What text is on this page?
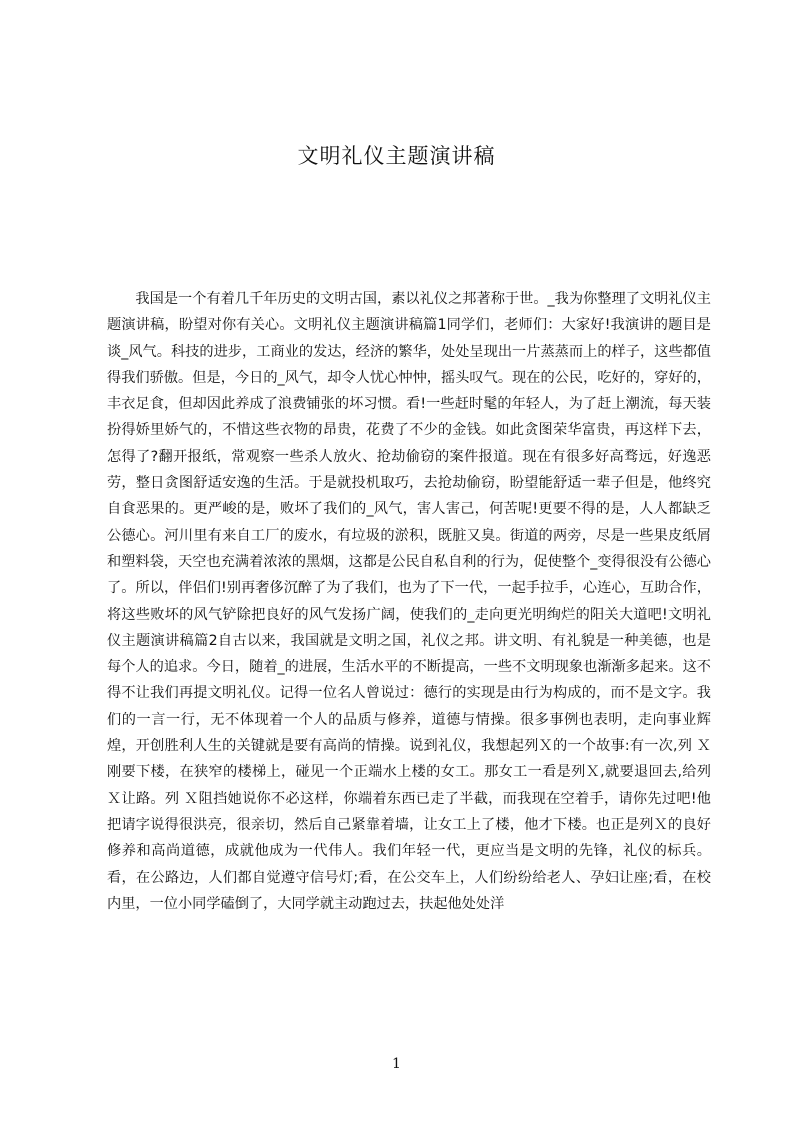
文明礼仪主题演讲稿

我国是一个有着几千年历史的文明古国，素以礼仪之邦著称于世。_我为你整理了文明礼仪主题演讲稿，盼望对你有关心。文明礼仪主题演讲稿篇1同学们，老师们：大家好!我演讲的题目是谈_风气。科技的进步，工商业的发达，经济的繁华，处处呈现出一片蒸蒸而上的样子，这些都值得我们骄傲。但是，今日的_风气，却令人忧心忡忡，摇头叹气。现在的公民，吃好的，穿好的，丰衣足食，但却因此养成了浪费铺张的坏习惯。看!一些赶时髦的年轻人，为了赶上潮流，每天装扮得娇里娇气的，不惜这些衣物的昂贵，花费了不少的金钱。如此贪图荣华富贵，再这样下去，怎得了?翻开报纸，常观察一些杀人放火、抢劫偷窃的案件报道。现在有很多好高骛远，好逸恶劳，整日贪图舒适安逸的生活。于是就投机取巧，去抢劫偷窃，盼望能舒适一辈子但是，他终究自食恶果的。更严峻的是，败坏了我们的_风气，害人害己，何苦呢!更要不得的是，人人都缺乏公德心。河川里有来自工厂的废水，有垃圾的淤积，既脏又臭。街道的两旁，尽是一些果皮纸屑和塑料袋，天空也充满着浓浓的黑烟，这都是公民自私自利的行为，促使整个_变得很没有公德心了。所以，伴侣们!别再奢侈沉醉了为了我们，也为了下一代，一起手拉手，心连心，互助合作，将这些败坏的风气铲除把良好的风气发扬广阔，使我们的_走向更光明绚烂的阳关大道吧!文明礼仪主题演讲稿篇2自古以来，我国就是文明之国，礼仪之邦。讲文明、有礼貌是一种美德，也是每个人的追求。今日，随着_的进展，生活水平的不断提高，一些不文明现象也渐渐多起来。这不得不让我们再提文明礼仪。记得一位名人曾说过：德行的实现是由行为构成的，而不是文字。我们的一言一行，无不体现着一个人的品质与修养，道德与情操。很多事例也表明，走向事业辉煌，开创胜利人生的关键就是要有高尚的情操。说到礼仪，我想起列Ｘ的一个故事:有一次,列 Ｘ刚要下楼，在狭窄的楼梯上，碰见一个正端水上楼的女工。那女工一看是列Ｘ,就要退回去,给列 Ｘ让路。列 Ｘ阻挡她说你不必这样，你端着东西已走了半截，而我现在空着手，请你先过吧!他把请字说得很洪亮，很亲切，然后自己紧靠着墙，让女工上了楼，他才下楼。也正是列Ｘ的良好修养和高尚道德，成就他成为一代伟人。我们年轻一代，更应当是文明的先锋，礼仪的标兵。看，在公路边，人们都自觉遵守信号灯;看，在公交车上，人们纷纷给老人、孕妇让座;看，在校内里，一位小同学磕倒了，大同学就主动跑过去，扶起他处处洋

1
